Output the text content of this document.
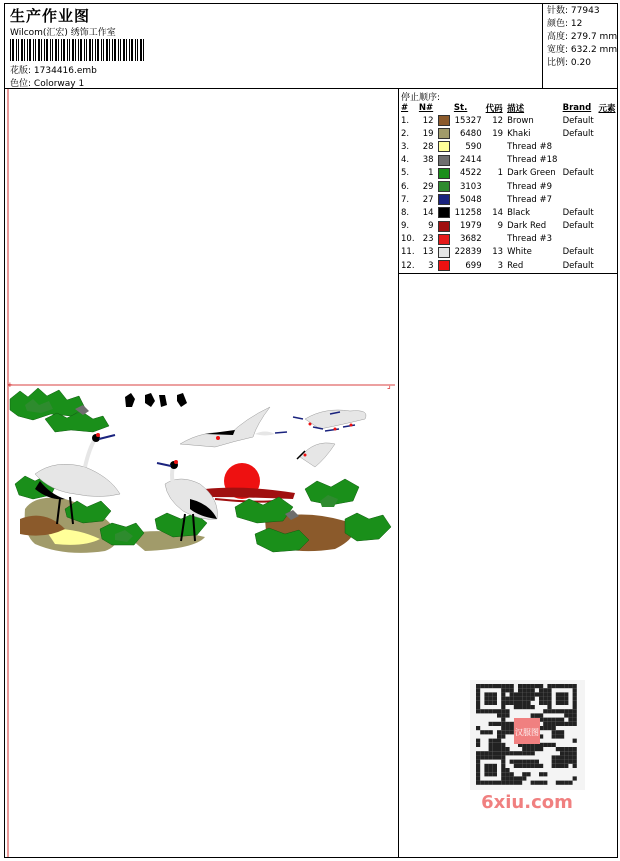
生产作业图
Wilcom(汇宏) 绣饰工作室
花版: 1734416.emb
色位: Colorway 1
针数: 77943
颜色: 12
高度: 279.7 mm
宽度: 632.2 mm
比例: 0.20
停止顺序:
#	N#		St.	代码	描述	Brand	元素
1.	12		15327	12	Brown	Default	
2.	19		6480	19	Khaki	Default	
3.	28		590		Thread #8		
4.	38		2414		Thread #18		
5.	1		4522	1	Dark Green	Default	
6.	29		3103		Thread #9		
7.	27		5048		Thread #7		
8.	14		11258	14	Black	Default	
9.	9		1979	9	Dark Red	Default	
10.	23		3682		Thread #3		
11.	13		22839	13	White	Default	
12.	3		699	3	Red	Default	
+	⌟
汉服图
6xiu.com
